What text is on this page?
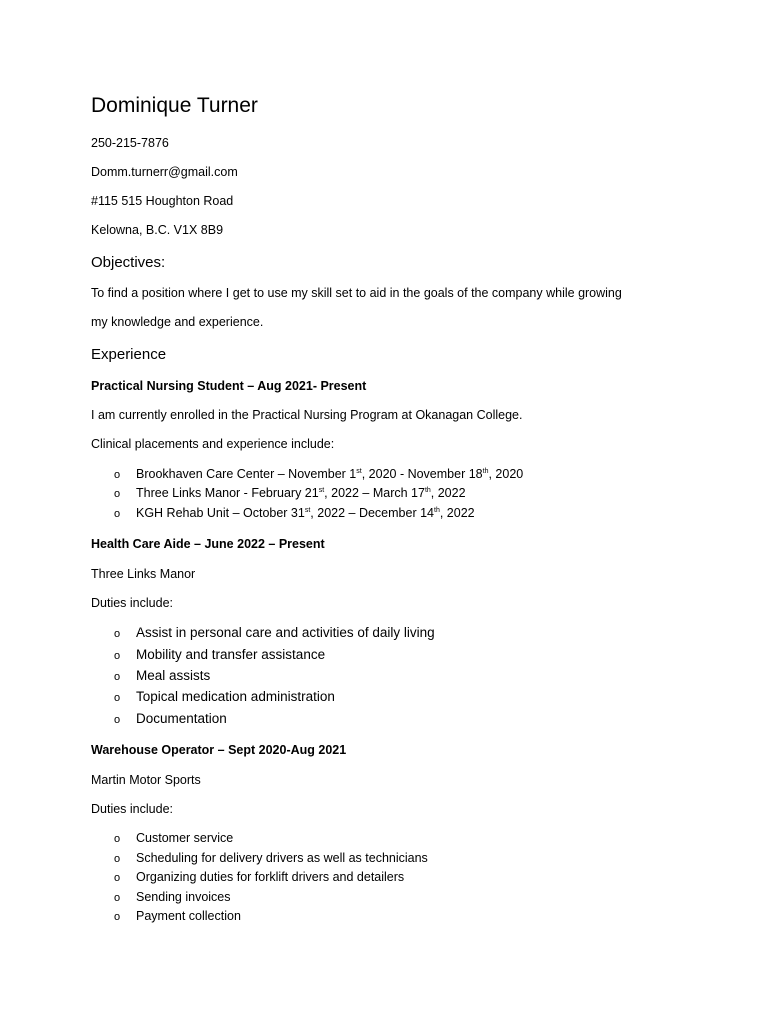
Dominique Turner
250-215-7876
Domm.turnerr@gmail.com
#115 515 Houghton Road
Kelowna, B.C. V1X 8B9
Objectives:
To find a position where I get to use my skill set to aid in the goals of the company while growing
my knowledge and experience.
Experience
Practical Nursing Student – Aug 2021- Present
I am currently enrolled in the Practical Nursing Program at Okanagan College.
Clinical placements and experience include:
o Brookhaven Care Center – November 1st, 2020 - November 18th, 2020
o Three Links Manor - February 21st, 2022 – March 17th, 2022
o KGH Rehab Unit – October 31st, 2022 – December 14th, 2022
Health Care Aide – June 2022 – Present
Three Links Manor
Duties include:
o Assist in personal care and activities of daily living
o Mobility and transfer assistance
o Meal assists
o Topical medication administration
o Documentation
Warehouse Operator – Sept 2020-Aug 2021
Martin Motor Sports
Duties include:
o Customer service
o Scheduling for delivery drivers as well as technicians
o Organizing duties for forklift drivers and detailers
o Sending invoices
o Payment collection
